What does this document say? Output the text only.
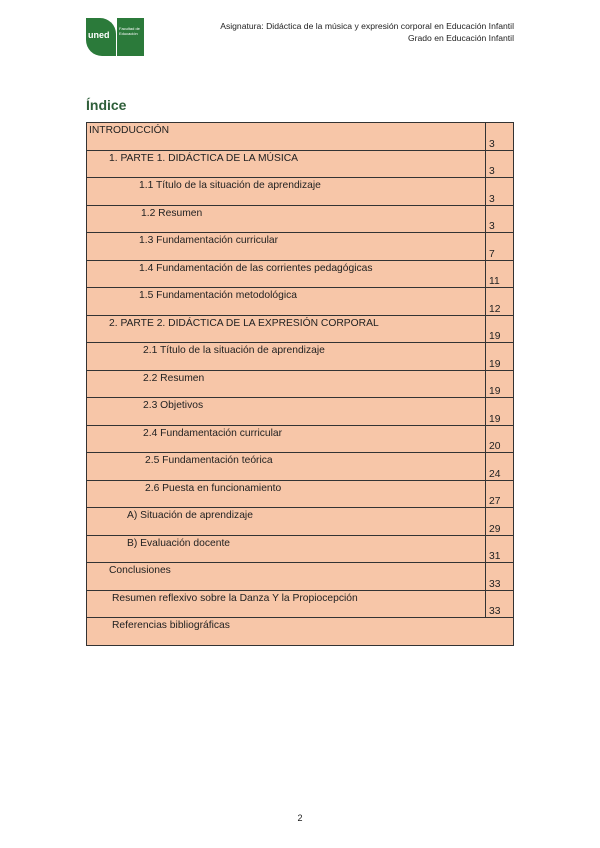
uned
Facultad de Educación
Asignatura: Didáctica de la música y expresión corporal en Educación Infantil
Grado en Educación Infantil
Índice
INTRODUCCIÓN	3
1. PARTE 1. DIDÁCTICA DE LA MÚSICA	3
1.1 Título de la situación de aprendizaje	3
1.2 Resumen	3
1.3 Fundamentación curricular	7
1.4 Fundamentación de las corrientes pedagógicas	11
1.5 Fundamentación metodológica	12
2. PARTE 2. DIDÁCTICA DE LA EXPRESIÓN CORPORAL	19
2.1 Título de la situación de aprendizaje	19
2.2 Resumen	19
2.3 Objetivos	19
2.4 Fundamentación curricular	20
2.5 Fundamentación teórica	24
2.6 Puesta en funcionamiento	27
A) Situación de aprendizaje	29
B) Evaluación docente	31
Conclusiones	33
Resumen reflexivo sobre la Danza Y la Propiocepción	33
Referencias bibliográficas	
2
